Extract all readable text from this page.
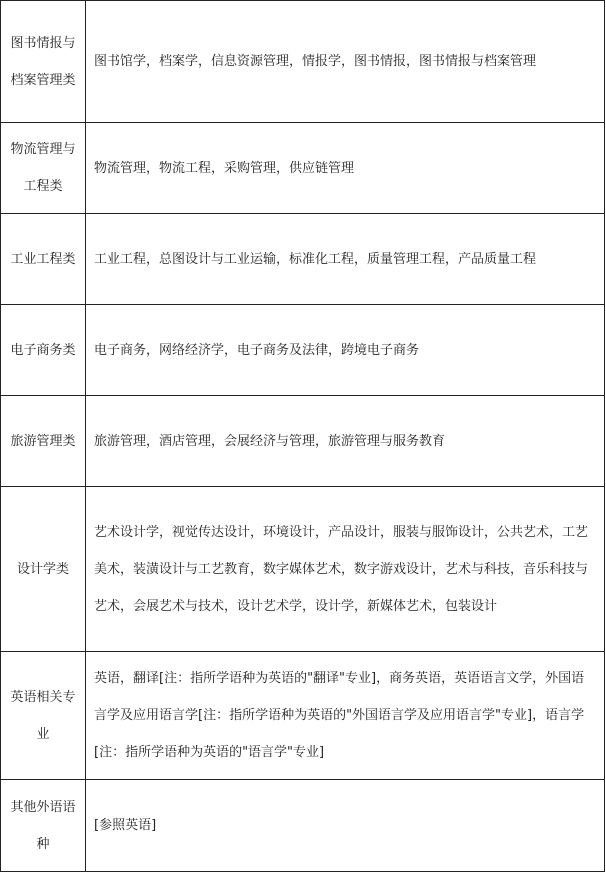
图书情报与档案管理类	图书馆学，档案学，信息资源管理，情报学，图书情报，图书情报与档案管理
物流管理与工程类	物流管理，物流工程，采购管理，供应链管理
工业工程类	工业工程，总图设计与工业运输，标准化工程，质量管理工程，产品质量工程
电子商务类	电子商务，网络经济学，电子商务及法律，跨境电子商务
旅游管理类	旅游管理，酒店管理，会展经济与管理，旅游管理与服务教育
设计学类	艺术设计学，视觉传达设计，环境设计，产品设计，服装与服饰设计，公共艺术，工艺美术，装潢设计与工艺教育，数字媒体艺术，数字游戏设计，艺术与科技，音乐科技与艺术，会展艺术与技术，设计艺术学，设计学，新媒体艺术，包装设计
英语相关专业	英语，翻译[注：指所学语种为英语的"翻译"专业]，商务英语，英语语言文学，外国语言学及应用语言学[注：指所学语种为英语的"外国语言学及应用语言学"专业]，语言学[注：指所学语种为英语的"语言学"专业]
其他外语语种	[参照英语]
